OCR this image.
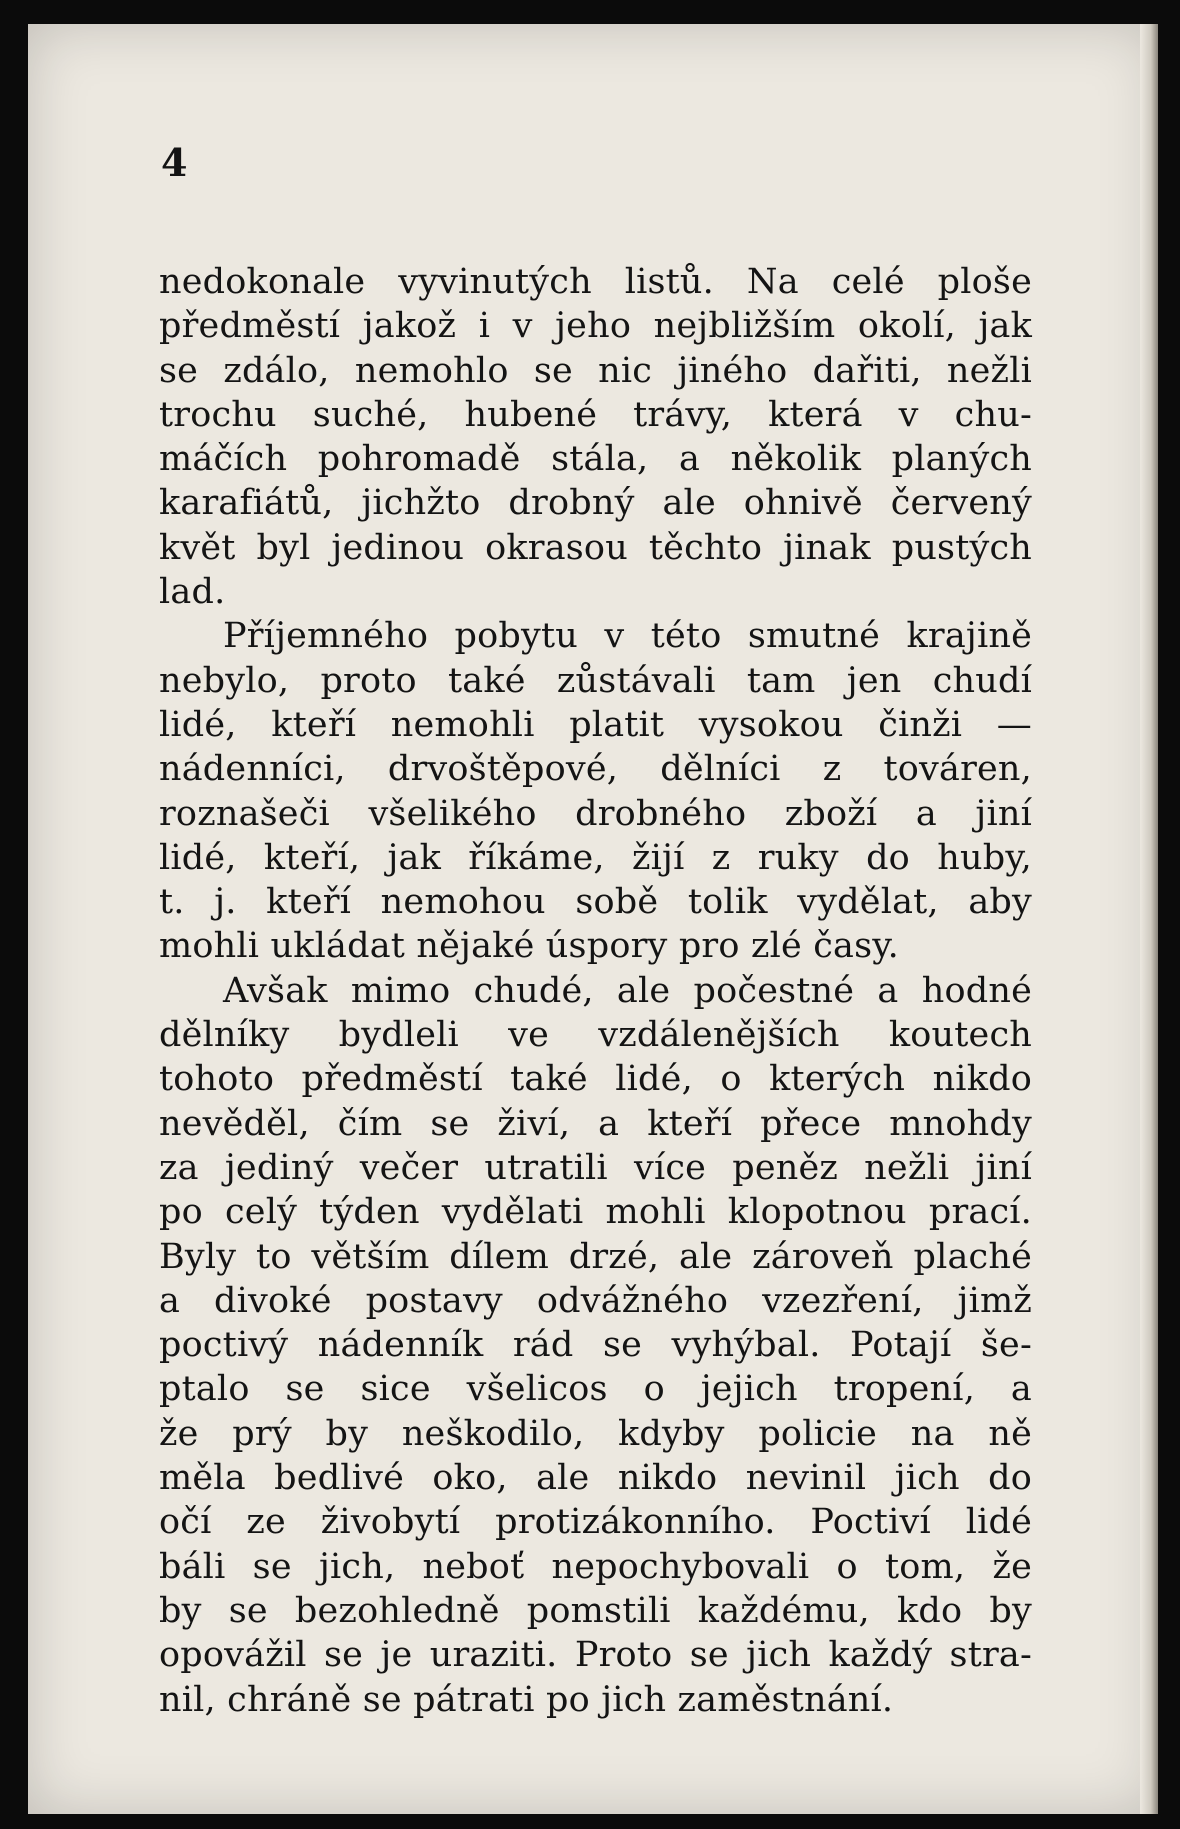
4
nedokonale vyvinutých listů. Na celé ploše
předměstí jakož i v jeho nejbližším okolí, jak
se zdálo, nemohlo se nic jiného dařiti, nežli
trochu suché, hubené trávy, která v chu-
máčích pohromadě stála, a několik planých
karafiátů, jichžto drobný ale ohnivě červený
květ byl jedinou okrasou těchto jinak pustých
lad.
Příjemného pobytu v této smutné krajině
nebylo, proto také zůstávali tam jen chudí
lidé, kteří nemohli platit vysokou činži —
nádenníci, drvoštěpové, dělníci z továren,
roznašeči všelikého drobného zboží a jiní
lidé, kteří, jak říkáme, žijí z ruky do huby,
t. j. kteří nemohou sobě tolik vydělat, aby
mohli ukládat nějaké úspory pro zlé časy.
Avšak mimo chudé, ale počestné a hodné
dělníky bydleli ve vzdálenějších koutech
tohoto předměstí také lidé, o kterých nikdo
nevěděl, čím se živí, a kteří přece mnohdy
za jediný večer utratili více peněz nežli jiní
po celý týden vydělati mohli klopotnou prací.
Byly to větším dílem drzé, ale zároveň plaché
a divoké postavy odvážného vzezření, jimž
poctivý nádenník rád se vyhýbal. Potají še-
ptalo se sice všelicos o jejich tropení, a
že prý by neškodilo, kdyby policie na ně
měla bedlivé oko, ale nikdo nevinil jich do
očí ze živobytí protizákonního. Poctiví lidé
báli se jich, neboť nepochybovali o tom, že
by se bezohledně pomstili každému, kdo by
opovážil se je uraziti. Proto se jich každý stra-
nil, chráně se pátrati po jich zaměstnání.
